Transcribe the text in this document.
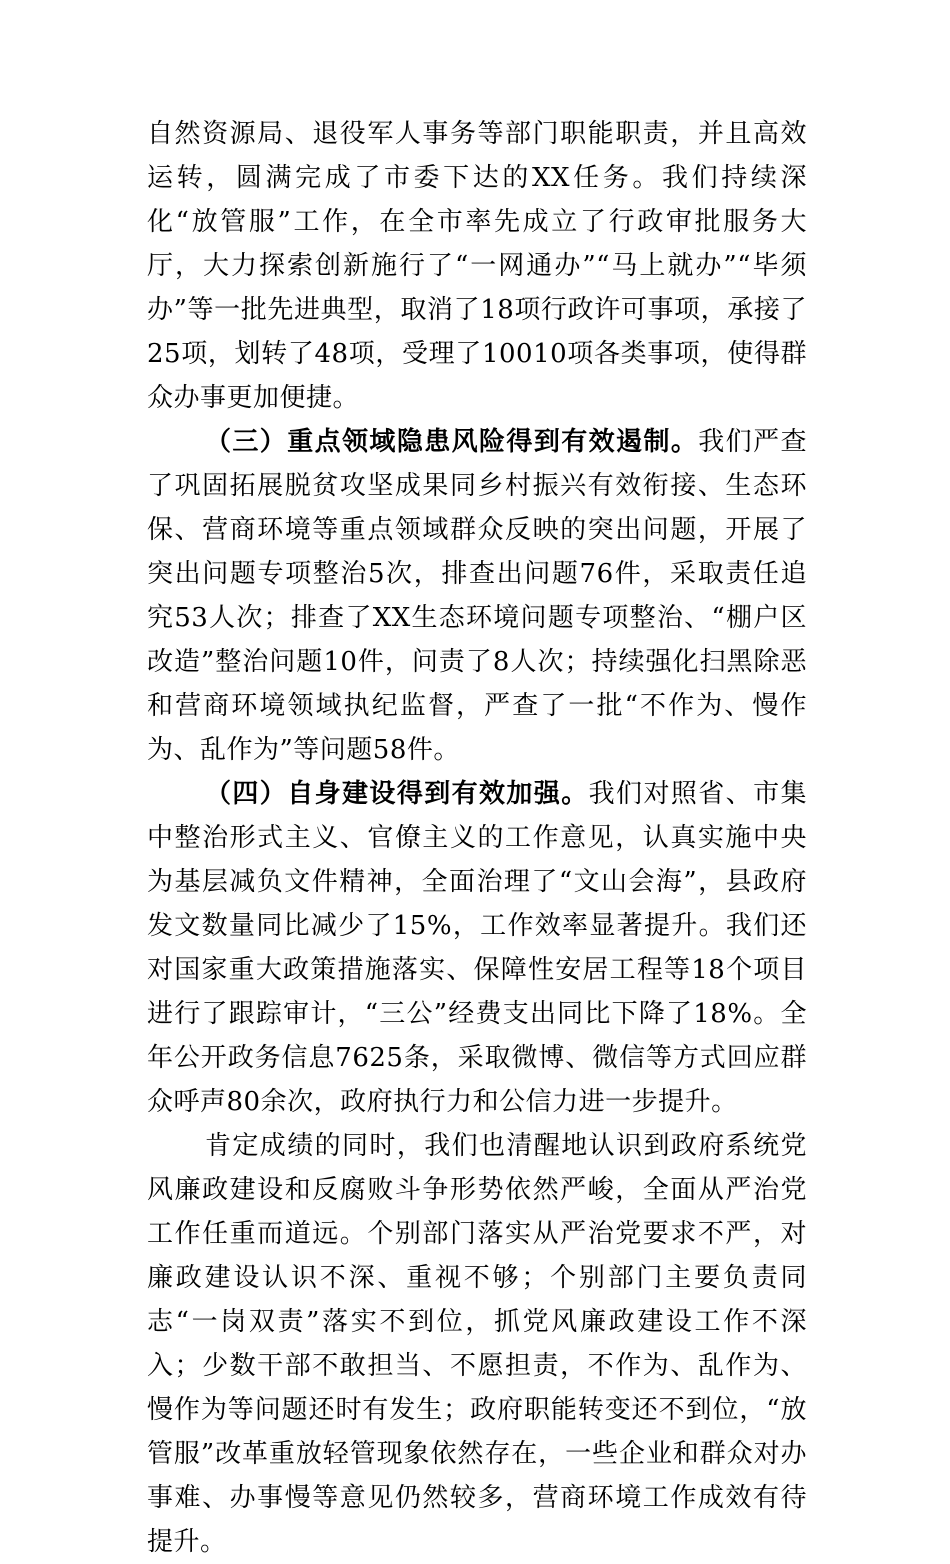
自然资源局、退役军人事务等部门职能职责，并且高效运转，圆满完成了市委下达的XX任务。我们持续深化“放管服”工作，在全市率先成立了行政审批服务大厅，大力探索创新施行了“一网通办”“马上就办”“毕须办”等一批先进典型，取消了18项行政许可事项，承接了25项，划转了48项，受理了10010项各类事项，使得群众办事更加便捷。

（三）重点领域隐患风险得到有效遏制。我们严查了巩固拓展脱贫攻坚成果同乡村振兴有效衔接、生态环保、营商环境等重点领域群众反映的突出问题，开展了突出问题专项整治5次，排查出问题76件，采取责任追究53人次；排查了XX生态环境问题专项整治、“棚户区改造”整治问题10件，问责了8人次；持续强化扫黑除恶和营商环境领域执纪监督，严查了一批“不作为、慢作为、乱作为”等问题58件。

（四）自身建设得到有效加强。我们对照省、市集中整治形式主义、官僚主义的工作意见，认真实施中央为基层减负文件精神，全面治理了“文山会海”，县政府发文数量同比减少了15%，工作效率显著提升。我们还对国家重大政策措施落实、保障性安居工程等18个项目进行了跟踪审计，“三公”经费支出同比下降了18%。全年公开政务信息7625条，采取微博、微信等方式回应群众呼声80余次，政府执行力和公信力进一步提升。

肯定成绩的同时，我们也清醒地认识到政府系统党风廉政建设和反腐败斗争形势依然严峻，全面从严治党工作任重而道远。个别部门落实从严治党要求不严，对廉政建设认识不深、重视不够；个别部门主要负责同志“一岗双责”落实不到位，抓党风廉政建设工作不深入；少数干部不敢担当、不愿担责，不作为、乱作为、慢作为等问题还时有发生；政府职能转变还不到位，“放管服”改革重放轻管现象依然存在，一些企业和群众对办事难、办事慢等意见仍然较多，营商环境工作成效有待提升。
